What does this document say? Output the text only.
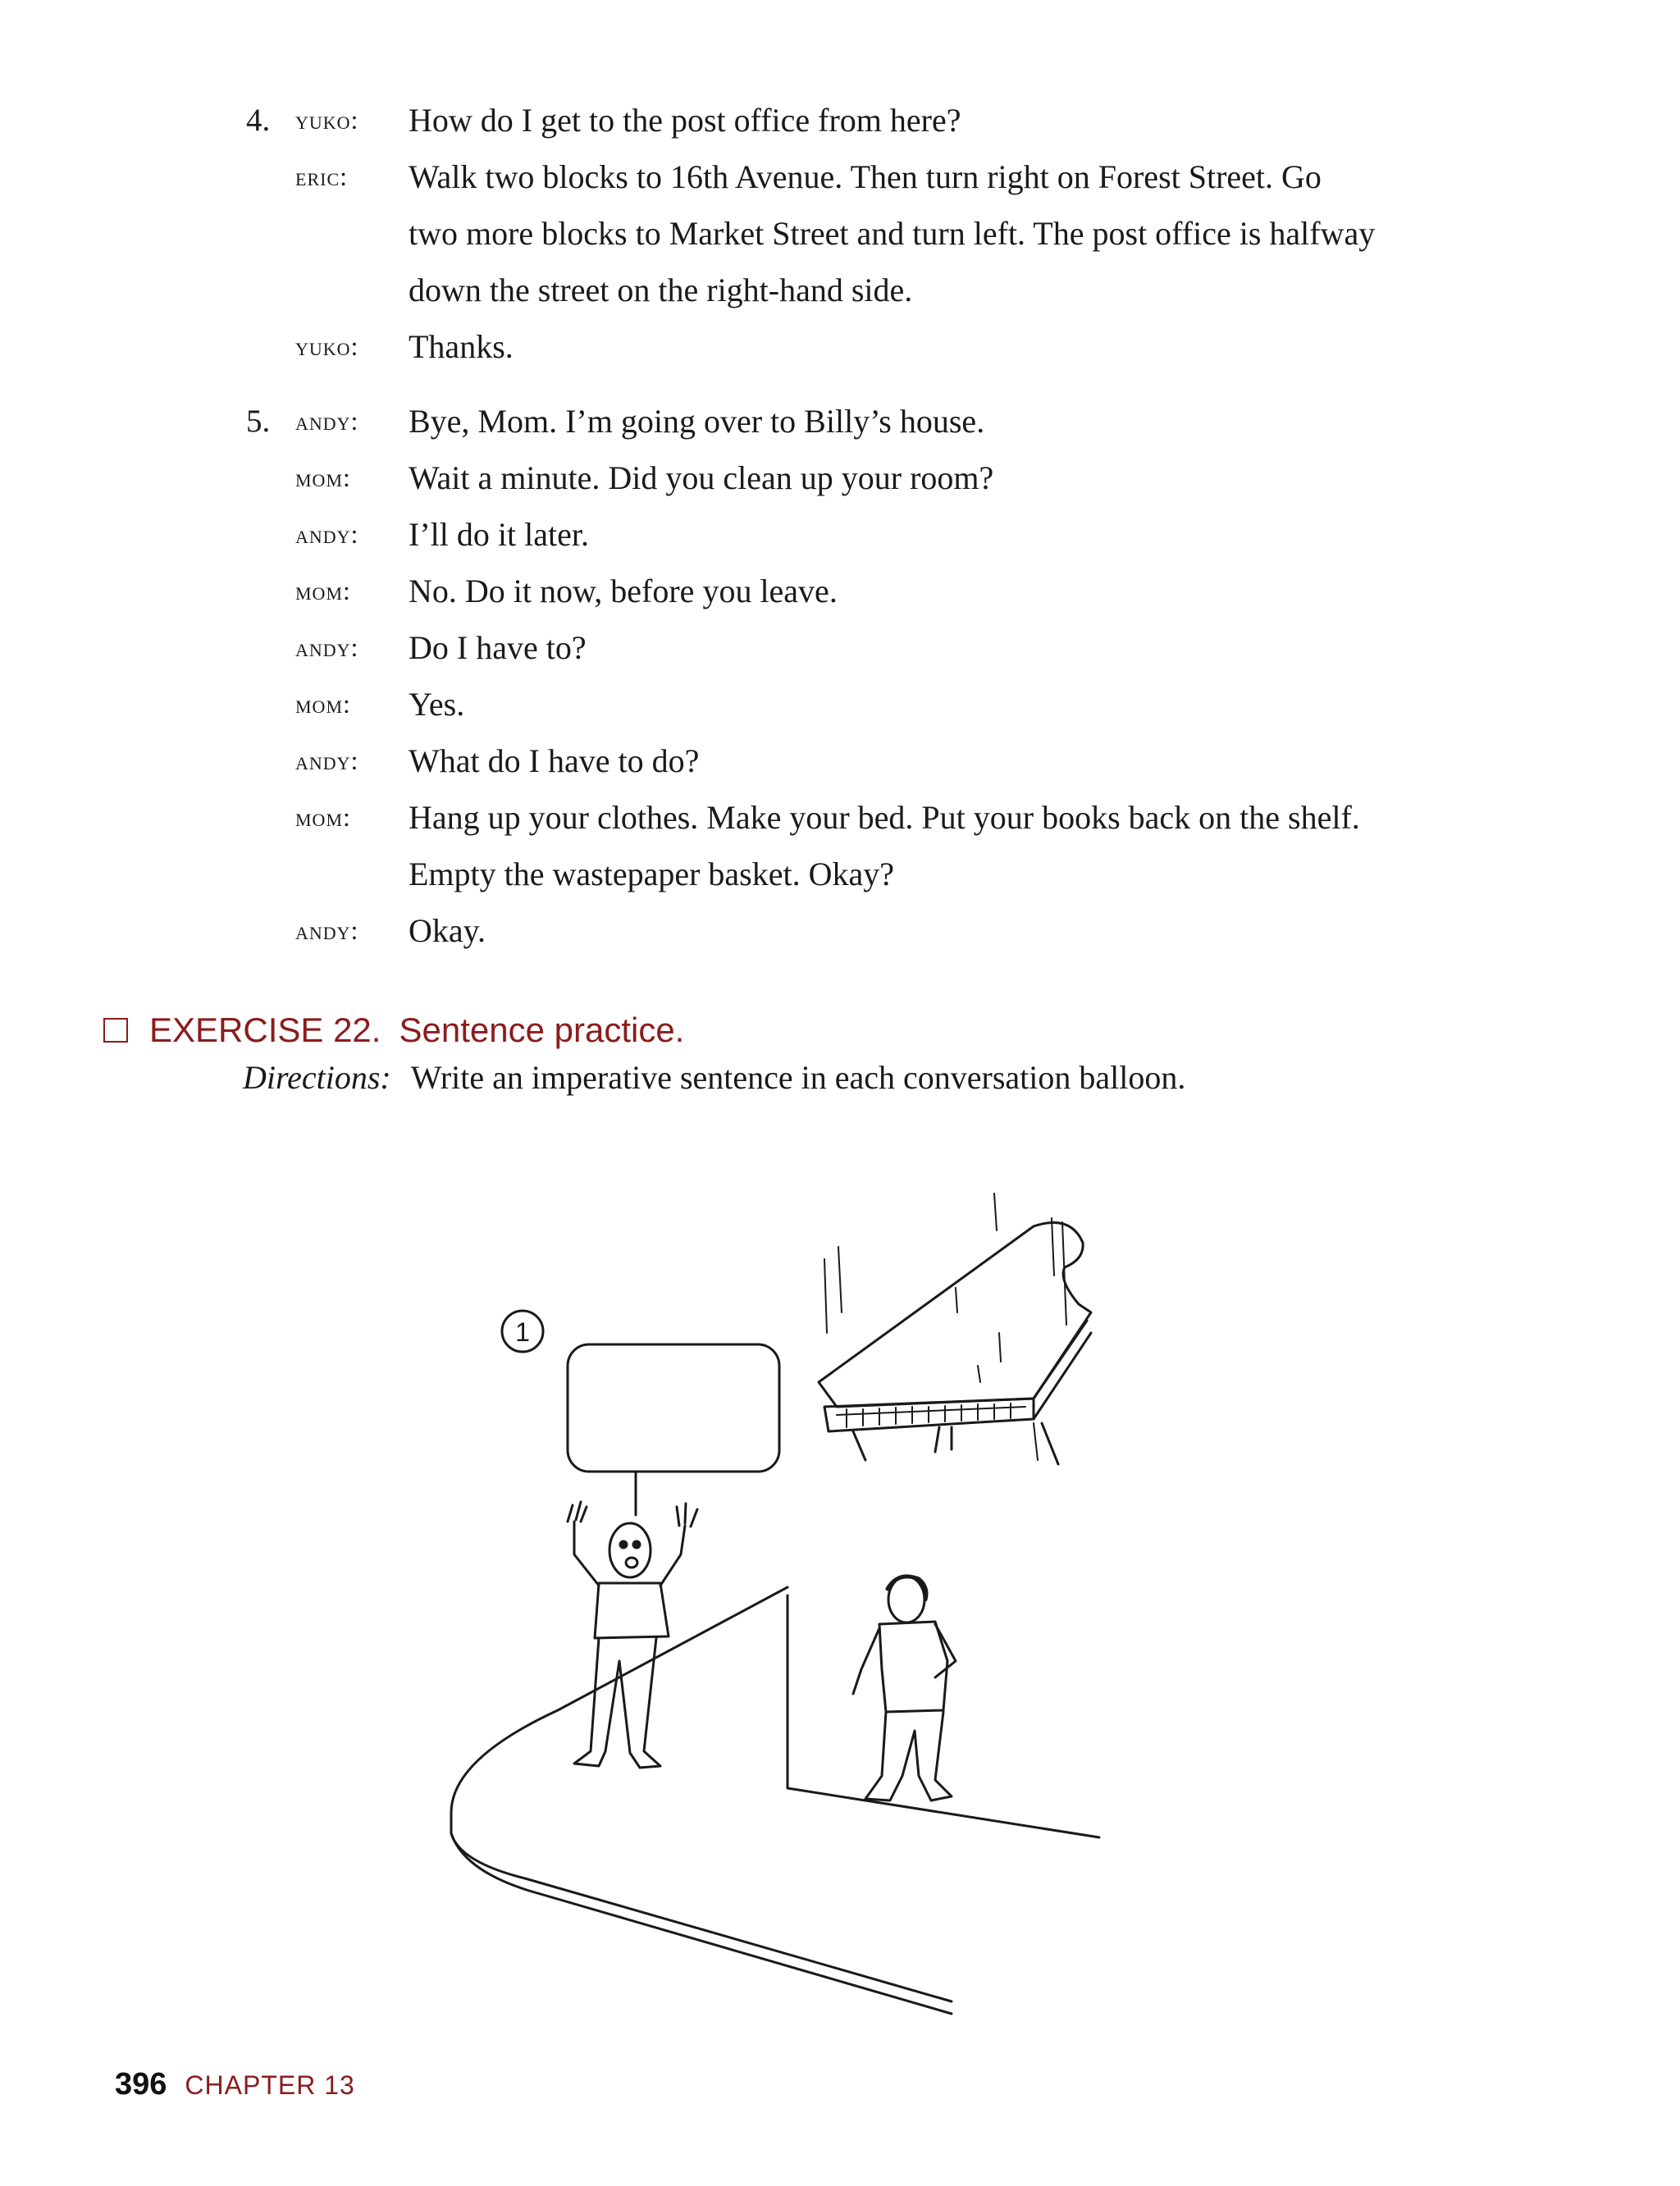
4. yuko:	How do I get to the post office from here?
eric:	Walk two blocks to 16th Avenue. Then turn right on Forest Street. Go
two more blocks to Market Street and turn left. The post office is halfway
down the street on the right-hand side.
yuko:	Thanks.
5. andy:	Bye, Mom. I’m going over to Billy’s house.
mom:	Wait a minute. Did you clean up your room?
andy:	I’ll do it later.
mom:	No. Do it now, before you leave.
andy:	Do I have to?
mom:	Yes.
andy:	What do I have to do?
mom:	Hang up your clothes. Make your bed. Put your books back on the shelf.
Empty the wastepaper basket. Okay?
andy:	Okay.
EXERCISE 22. Sentence practice.
Directions: Write an imperative sentence in each conversation balloon.
1
396 CHAPTER 13
